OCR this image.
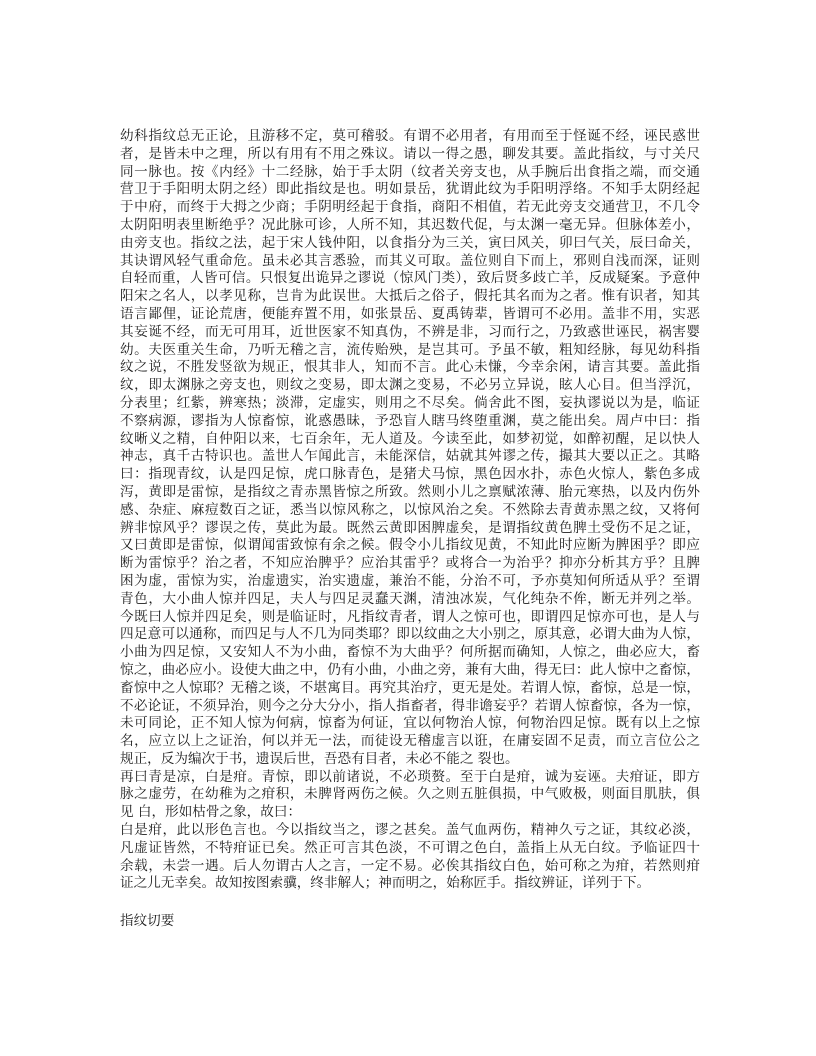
幼科指纹总无正论，且游移不定，莫可稽驳。有谓不必用者，有用而至于怪诞不经，诬民惑世
者，是皆未中之理，所以有用有不用之殊议。请以一得之愚，聊发其要。盖此指纹，与寸关尺
同一脉也。按《内经》十二经脉，始于手太阴（纹者关旁支也，从手腕后出食指之端，而交通
营卫于手阳明太阴之经）即此指纹是也。明如景岳，犹谓此纹为手阳明浮络。不知手太阴经起
于中府，而终于大拇之少商；手阴明经起于食指，商阳不相值，若无此旁支交通营卫，不几令
太阴阳明表里断绝乎？况此脉可诊，人所不知，其迟数代促，与太渊一毫无异。但脉体差小，
由旁支也。指纹之法，起于宋人钱仲阳，以食指分为三关，寅曰风关，卯曰气关，辰曰命关，
其诀谓风轻气重命危。虽未必其言悉验，而其义可取。盖位则自下而上，邪则自浅而深，证则
自轻而重，人皆可信。只恨复出诡异之谬说（惊风门类），致后贤多歧亡羊，反成疑案。予意仲
阳宋之名人，以孝见称，岂肯为此误世。大抵后之俗子，假托其名而为之者。惟有识者，知其
语言鄙俚，证论荒唐，便能弃置不用，如张景岳、夏禹铸辈，皆谓可不必用。盖非不用，实恶
其妄诞不经，而无可用耳，近世医家不知真伪，不辨是非，习而行之，乃致惑世诬民，祸害婴
幼。夫医重关生命，乃听无稽之言，流传贻殃，是岂其可。予虽不敏，粗知经脉，每见幼科指
纹之说，不胜发竖欲为规正，恨其非人，知而不言。此心未慊，今幸余闲，请言其要。盖此指
纹，即太渊脉之旁支也，则纹之变易，即太渊之变易，不必另立异说，眩人心目。但当浮沉，
分表里；红紫，辨寒热；淡滞，定虚实，则用之不尽矣。倘舍此不图，妄执谬说以为是，临证
不察病源，谬指为人惊畜惊，讹惑愚昧，予恐盲人瞎马终堕重渊，莫之能出矣。周卢中曰：指
纹晰义之精，自仲阳以来，七百余年，无人道及。今读至此，如梦初觉，如醉初醒，足以快人
神志，真千古特识也。盖世人乍闻此言，未能深信，姑就其舛谬之传，撮其大要以正之。其略
曰：指现青纹，认是四足惊，虎口脉青色，是猪犬马惊，黑色因水扑，赤色火惊人，紫色多成
泻，黄即是雷惊，是指纹之青赤黑皆惊之所致。然则小儿之禀赋浓薄、胎元寒热，以及内伤外
感、杂症、麻痘数百之证，悉当以惊风称之，以惊风治之矣。不然除去青黄赤黑之纹，又将何
辨非惊风乎？谬误之传，莫此为最。既然云黄即困脾虚矣，是谓指纹黄色脾土受伤不足之证，
又曰黄即是雷惊，似谓闻雷致惊有余之候。假令小儿指纹见黄，不知此时应断为脾困乎？即应
断为雷惊乎？治之者，不知应治脾乎？应治其雷乎？或将合一为治乎？抑亦分析其方乎？且脾
困为虚，雷惊为实，治虚遗实，治实遗虚，兼治不能，分治不可，予亦莫知何所适从乎？至谓
青色，大小曲人惊并四足，夫人与四足灵蠢天渊，清浊冰炭，气化纯杂不侔，断无并列之举。
今既曰人惊并四足矣，则是临证时，凡指纹青者，谓人之惊可也，即谓四足惊亦可也，是人与
四足意可以通称，而四足与人不几为同类耶？即以纹曲之大小别之，原其意，必谓大曲为人惊，
小曲为四足惊，又安知人不为小曲，畜惊不为大曲乎？何所据而确知，人惊之，曲必应大，畜
惊之，曲必应小。设使大曲之中，仍有小曲，小曲之旁，兼有大曲，得无曰：此人惊中之畜惊，
畜惊中之人惊耶？无稽之谈，不堪寓目。再究其治疗，更无是处。若谓人惊，畜惊，总是一惊，
不必论证，不须异治，则今之分大分小，指人指畜者，得非谵妄乎？若谓人惊畜惊，各为一惊，
未可同论，正不知人惊为何病，惊畜为何证，宜以何物治人惊，何物治四足惊。既有以上之惊
名，应立以上之证治，何以并无一法，而徒设无稽虚言以诳，在庸妄固不足责，而立言位公之
规正，反为编次于书，遗误后世，吾恐有目者，未必不能之 裂也。
再曰青是凉，白是疳。青惊，即以前诸说，不必琐赘。至于白是疳，诚为妄诬。夫疳证，即方
脉之虚劳，在幼稚为之疳积，未脾肾两伤之候。久之则五脏俱损，中气败极，则面目肌肤，俱
见 白，形如枯骨之象，故曰：
白是疳，此以形色言也。今以指纹当之，谬之甚矣。盖气血两伤，精神久亏之证，其纹必淡，
凡虚证皆然，不特疳证已矣。然正可言其色淡，不可谓之色白，盖指上从无白纹。予临证四十
余载，未尝一遇。后人勿谓古人之言，一定不易。必俟其指纹白色，始可称之为疳，若然则疳
证之儿无幸矣。故知按图索骥，终非解人；神而明之，始称匠手。指纹辨证，详列于下。
指纹切要
